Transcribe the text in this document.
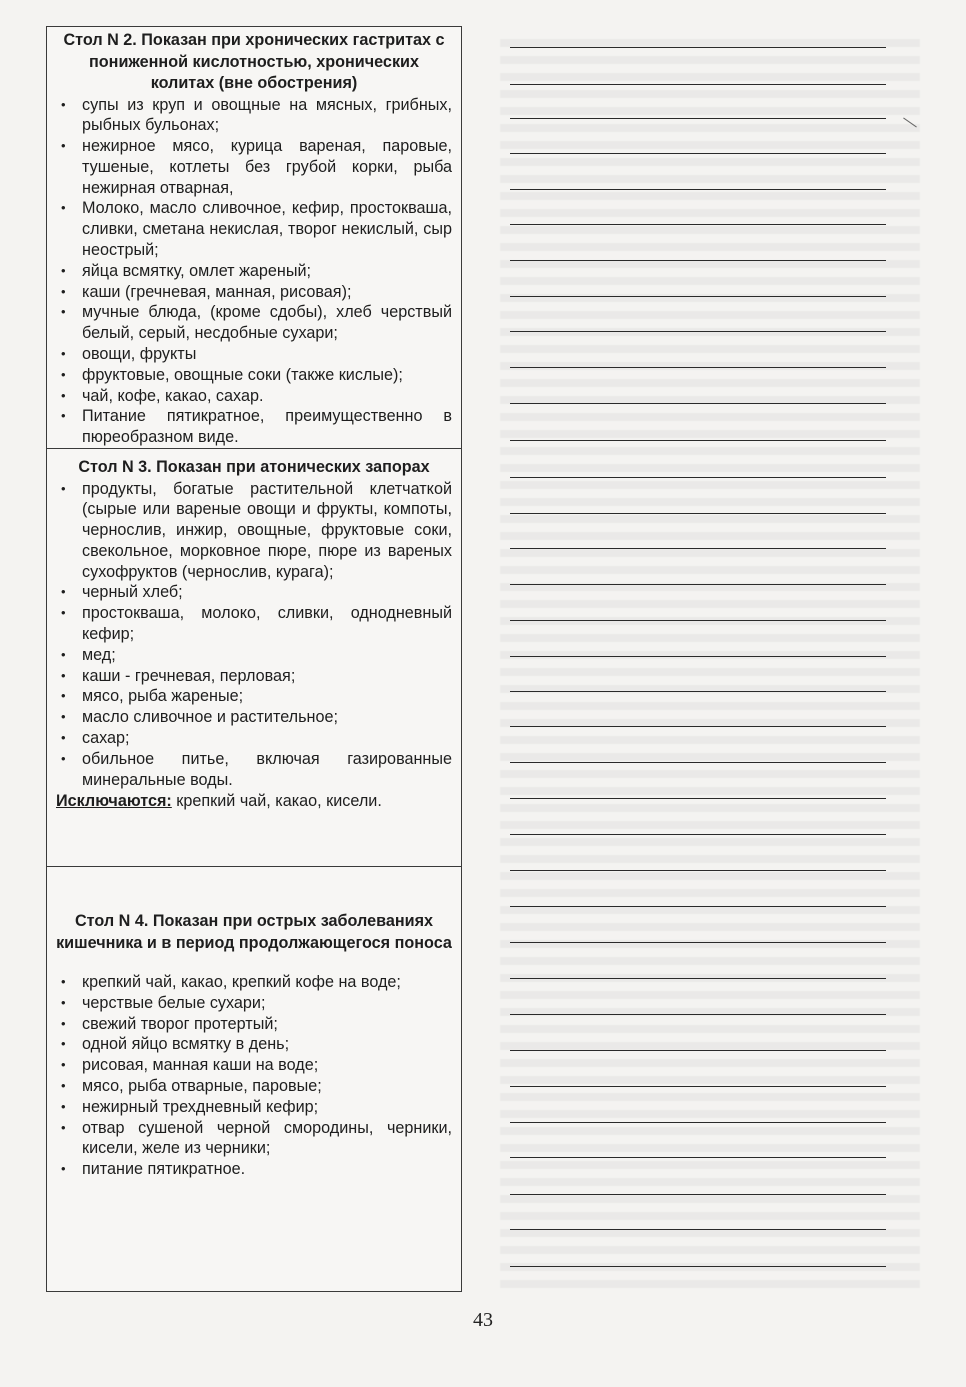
Стол N 2. Показан при хронических гастритах с пониженной кислотностью, хронических колитах (вне обострения)

• супы из круп и овощные на мясных, грибных, рыбных бульонах;
• нежирное мясо, курица вареная, паровые, тушеные, котлеты без грубой корки, рыба нежирная отварная,
• Молоко, масло сливочное, кефир, простокваша, сливки, сметана некислая, творог некислый, сыр неострый;
• яйца всмятку, омлет жареный;
• каши (гречневая, манная, рисовая);
• мучные блюда, (кроме сдобы), хлеб черствый белый, серый, несдобные сухари;
• овощи, фрукты
• фруктовые, овощные соки (также кислые);
• чай, кофе, какао, сахар.
• Питание пятикратное, преимущественно в пюреобразном виде.

Стол N 3. Показан при атонических запорах

• продукты, богатые растительной клетчаткой (сырые или вареные овощи и фрукты, компоты, чернослив, инжир, овощные, фруктовые соки, свекольное, морковное пюре, пюре из вареных сухофруктов (чернослив, курага);
• черный хлеб;
• простокваша, молоко, сливки, однодневный кефир;
• мед;
• каши - гречневая, перловая;
• мясо, рыба жареные;
• масло сливочное и растительное;
• сахар;
• обильное питье, включая газированные минеральные воды.
Исключаются: крепкий чай, какао, кисели.

Стол N 4. Показан при острых заболеваниях кишечника и в период продолжающегося поноса

• крепкий чай, какао, крепкий кофе на воде;
• черствые белые сухари;
• свежий творог протертый;
• одной яйцо всмятку в день;
• рисовая, манная каши на воде;
• мясо, рыба отварные, паровые;
• нежирный трехдневный кефир;
• отвар сушеной черной смородины, черники, кисели, желе из черники;
• питание пятикратное.
43
